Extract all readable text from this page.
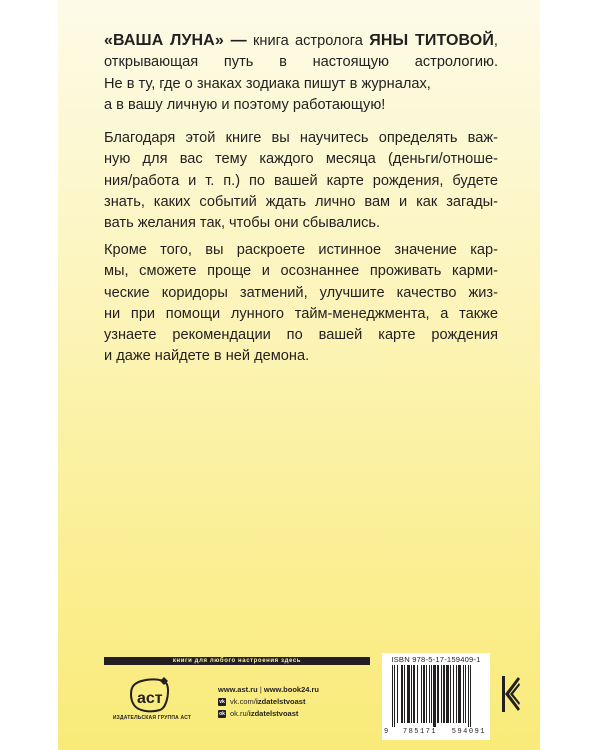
«ВАША ЛУНА» — книга астролога ЯНЫ ТИТОВОЙ,

открывающая путь в настоящую астрологию.

Не в ту, где о знаках зодиака пишут в журналах,

а в вашу личную и поэтому работающую!

Благодаря этой книге вы научитесь определять важ-

ную для вас тему каждого месяца (деньги/отноше-

ния/работа и т. п.) по вашей карте рождения, будете

знать, каких событий ждать лично вам и как загады-

вать желания так, чтобы они сбывались.

Кроме того, вы раскроете истинное значение кар-

мы, сможете проще и осознаннее проживать карми-

ческие коридоры затмений, улучшите качество жиз-

ни при помощи лунного тайм-менеджмента, а также

узнаете рекомендации по вашей карте рождения

и даже найдете в ней демона.

книги для любого настроения здесь
аст
ИЗДАТЕЛЬСКАЯ ГРУППА АСТ
www.ast.ru | www.book24.ru
vk vk.com/ izdatelstvoast
ok ok.ru/ izdatelstvoast
ISBN 978-5-17-159409-1
9 785171 594091
